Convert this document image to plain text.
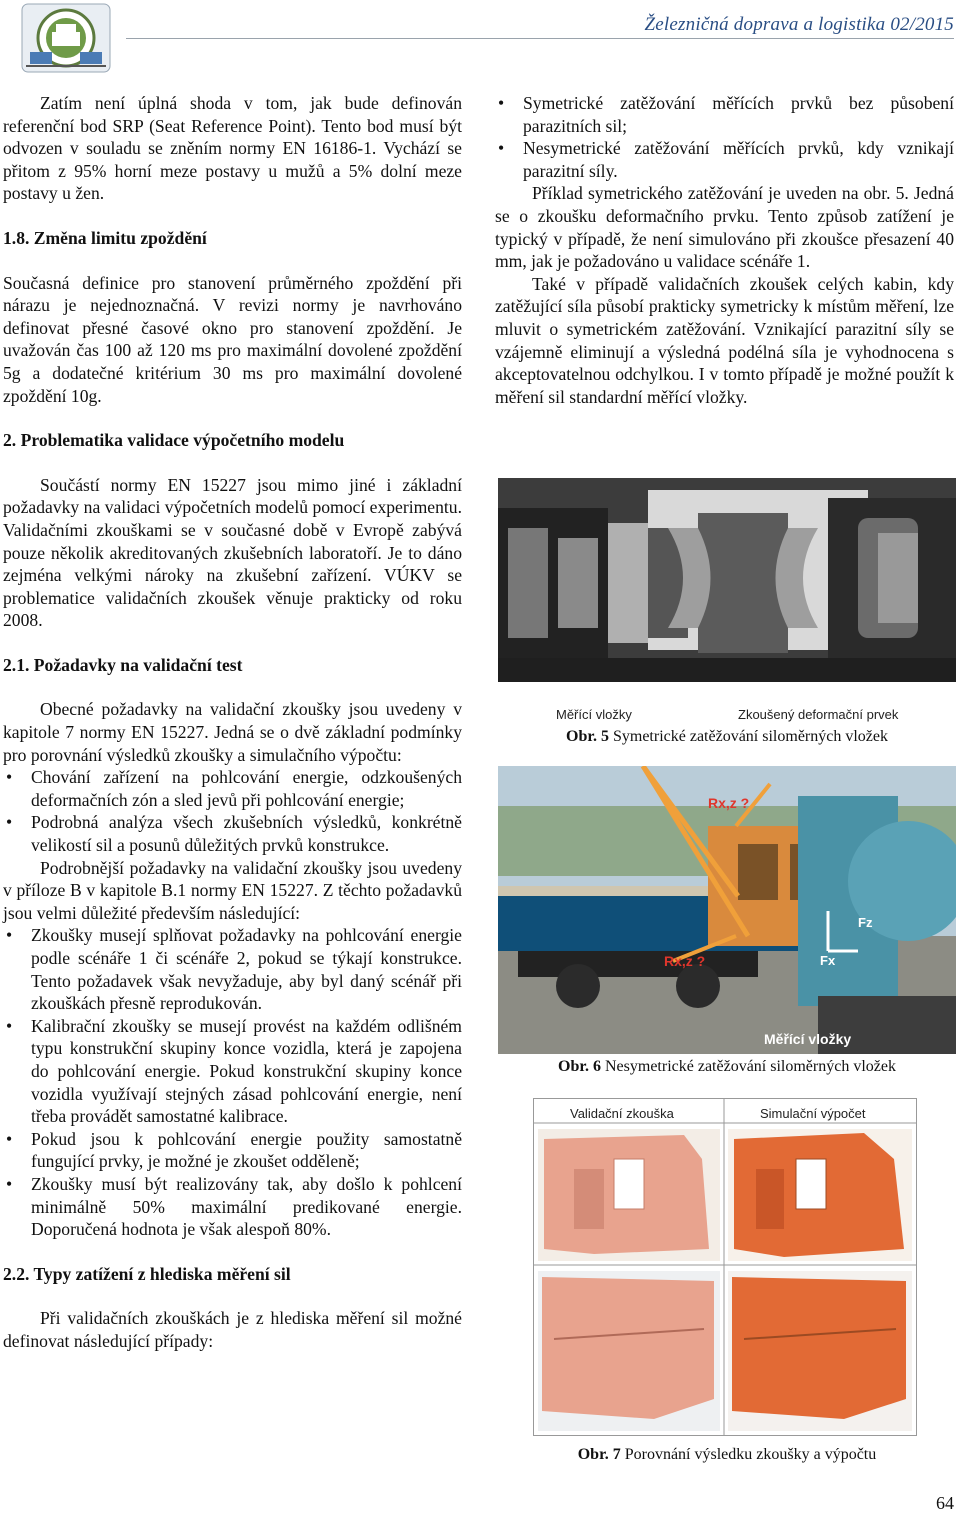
Železničná doprava a logistika 02/2015

Zatím není úplná shoda v tom, jak bude definován referenční bod SRP (Seat Reference Point). Tento bod musí být odvozen v souladu se zněním normy EN 16186-1. Vychází se přitom z 95% horní meze postavy u mužů a 5% dolní meze postavy u žen.

1.8. Změna limitu zpoždění

Současná definice pro stanovení průměrného zpoždění při nárazu je nejednoznačná. V revizi normy je navrhováno definovat přesné časové okno pro stanovení zpoždění. Je uvažován čas 100 až 120 ms pro maximální dovolené zpoždění 5g a dodatečné kritérium 30 ms pro maximální dovolené zpoždění 10g.

2. Problematika validace výpočetního modelu

Součástí normy EN 15227 jsou mimo jiné i základní požadavky na validaci výpočetních modelů pomocí experimentu. Validačními zkouškami se v současné době v Evropě zabývá pouze několik akreditovaných zkušebních laboratoří. Je to dáno zejména velkými nároky na zkušební zařízení. VÚKV se problematice validačních zkoušek věnuje prakticky od roku 2008.

2.1. Požadavky na validační test

Obecné požadavky na validační zkoušky jsou uvedeny v kapitole 7 normy EN 15227. Jedná se o dvě základní podmínky pro porovnání výsledků zkoušky a simulačního výpočtu:

• Chování zařízení na pohlcování energie, odzkoušených deformačních zón a sled jevů při pohlcování energie;
• Podrobná analýza všech zkušebních výsledků, konkrétně velikostí sil a posunů důležitých prvků konstrukce.

Podrobnější požadavky na validační zkoušky jsou uvedeny v příloze B v kapitole B.1 normy EN 15227. Z těchto požadavků jsou velmi důležité především následující:

• Zkoušky musejí splňovat požadavky na pohlcování energie podle scénáře 1 či scénáře 2, pokud se týkají konstrukce. Tento požadavek však nevyžaduje, aby byl daný scénář při zkouškách přesně reprodukován.
• Kalibrační zkoušky se musejí provést na každém odlišném typu konstrukční skupiny konce vozidla, která je zapojena do pohlcování energie. Pokud konstrukční skupiny konce vozidla využívají stejných zásad pohlcování energie, není třeba provádět samostatné kalibrace.
• Pokud jsou k pohlcování energie použity samostatně fungující prvky, je možné je zkoušet odděleně;
• Zkoušky musí být realizovány tak, aby došlo k pohlcení minimálně 50% maximální predikované energie. Doporučená hodnota je však alespoň 80%.
2.2. Typy zatížení z hlediska měření sil

Při validačních zkouškách je z hlediska měření sil možné definovat následující případy:

• Symetrické zatěžování měřících prvků bez působení parazitních sil;
• Nesymetrické zatěžování měřících prvků, kdy vznikají parazitní síly.

Příklad symetrického zatěžování je uveden na obr. 5. Jedná se o zkoušku deformačního prvku. Tento způsob zatížení je typický v případě, že není simulováno při zkoušce přesazení 40 mm, jak je požadováno u validace scénáře 1.

Také v případě validačních zkoušek celých kabin, kdy zatěžující síla působí prakticky symetricky k místům měření, lze mluvit o symetrickém zatěžování. Vznikající parazitní síly se vzájemně eliminují a výsledná podélná síla je vyhodnocena s akceptovatelnou odchylkou. I v tomto případě je možné použít k měření sil standardní měřící vložky.

Měřící vložky	Zkoušený deformační prvek
Obr. 5 Symetrické zatěžování siloměrných vložek
Rx,z ?
Rx,z ?
Fz
Fx
Měřící vložky
Obr. 6 Nesymetrické zatěžování siloměrných vložek
Validační zkouška	Simulační výpočet
Obr. 7 Porovnání výsledku zkoušky a výpočtu
64
